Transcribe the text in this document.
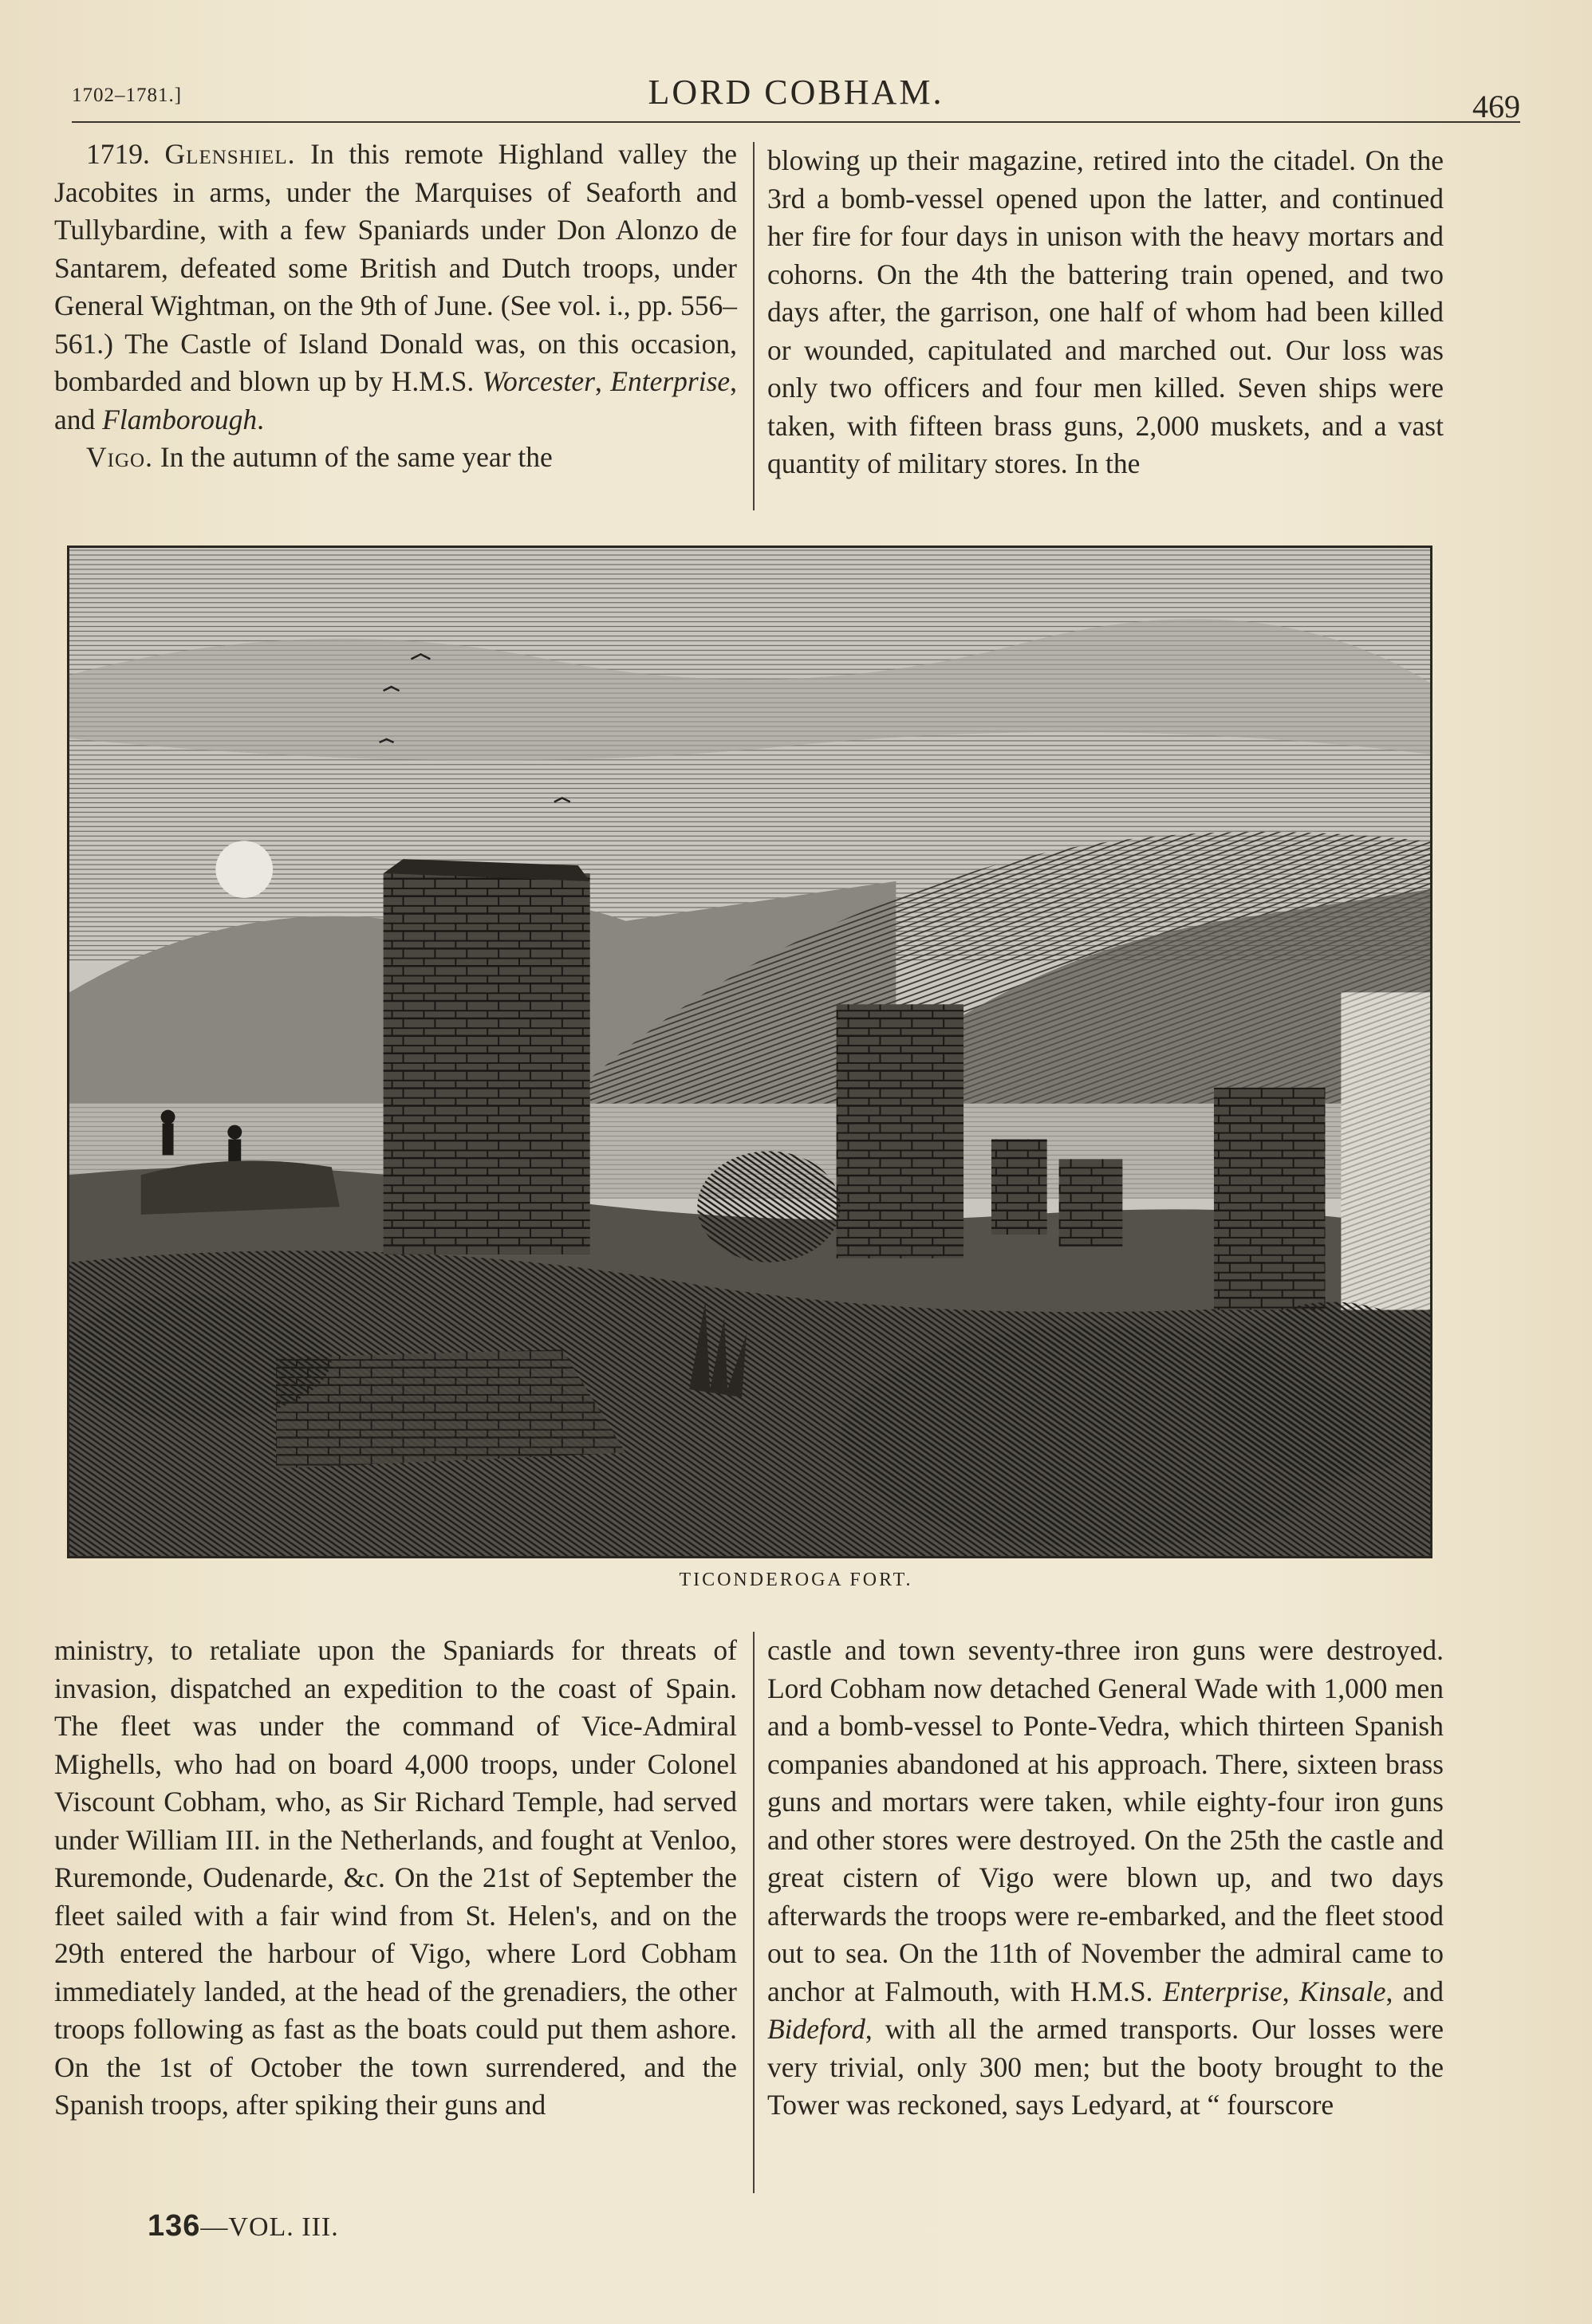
1702–1781.]	LORD COBHAM.	469

1719. Glenshiel. In this remote Highland valley the Jacobites in arms, under the Marquises of Seaforth and Tullybardine, with a few Spaniards under Don Alonzo de Santarem, defeated some British and Dutch troops, under General Wightman, on the 9th of June. (See vol. i., pp. 556–561.) The Castle of Island Donald was, on this occasion, bombarded and blown up by H.M.S. Worcester, Enterprise, and Flamborough.

Vigo. In the autumn of the same year the

blowing up their magazine, retired into the citadel. On the 3rd a bomb-vessel opened upon the latter, and continued her fire for four days in unison with the heavy mortars and cohorns. On the 4th the battering train opened, and two days after, the garrison, one half of whom had been killed or wounded, capitulated and marched out. Our loss was only two officers and four men killed. Seven ships were taken, with fifteen brass guns, 2,000 muskets, and a vast quantity of military stores. In the

TICONDEROGA FORT.

ministry, to retaliate upon the Spaniards for threats of invasion, dispatched an expedition to the coast of Spain. The fleet was under the command of Vice-Admiral Mighells, who had on board 4,000 troops, under Colonel Viscount Cobham, who, as Sir Richard Temple, had served under William III. in the Netherlands, and fought at Venloo, Ruremonde, Oudenarde, &c. On the 21st of September the fleet sailed with a fair wind from St. Helen's, and on the 29th entered the harbour of Vigo, where Lord Cobham immediately landed, at the head of the grenadiers, the other troops following as fast as the boats could put them ashore. On the 1st of October the town surrendered, and the Spanish troops, after spiking their guns and

castle and town seventy-three iron guns were destroyed. Lord Cobham now detached General Wade with 1,000 men and a bomb-vessel to Ponte-Vedra, which thirteen Spanish companies abandoned at his approach. There, sixteen brass guns and mortars were taken, while eighty-four iron guns and other stores were destroyed. On the 25th the castle and great cistern of Vigo were blown up, and two days afterwards the troops were re-embarked, and the fleet stood out to sea. On the 11th of November the admiral came to anchor at Falmouth, with H.M.S. Enterprise, Kinsale, and Bideford, with all the armed transports. Our losses were very trivial, only 300 men; but the booty brought to the Tower was reckoned, says Ledyard, at “ fourscore

136—VOL. III.
